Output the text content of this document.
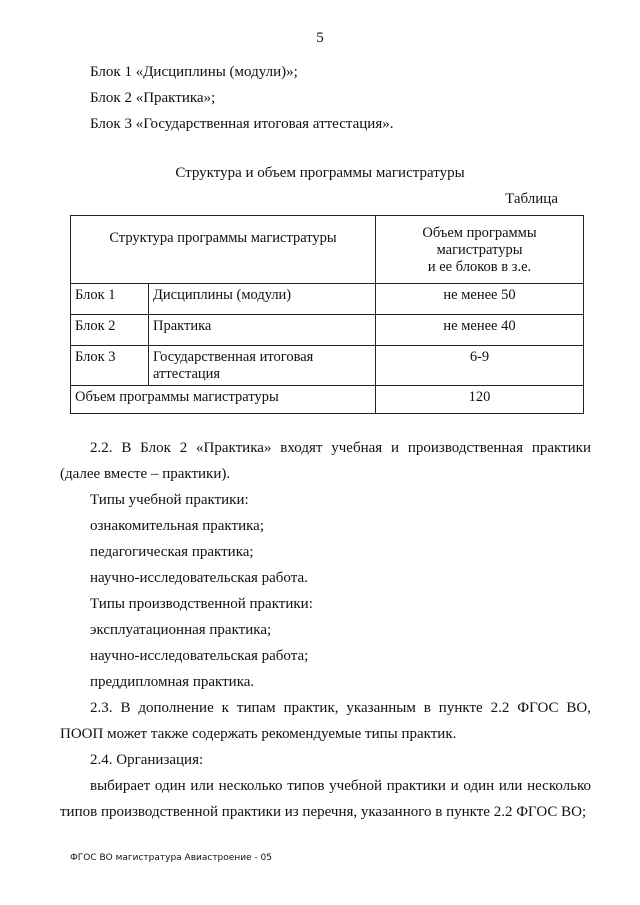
5
Блок 1 «Дисциплины (модули)»;
Блок 2 «Практика»;
Блок 3 «Государственная итоговая аттестация».
Структура и объем программы магистратуры
Таблица
Структура программы магистратуры		Объем программы
магистратуры
и ее блоков в з.е.

Блок 1	Дисциплины (модули)	не менее 50
Блок 2	Практика	не менее 40
Блок 3	Государственная итоговая аттестация	6-9
Объем программы магистратуры		120
2.2. В Блок 2 «Практика» входят учебная и производственная практики
(далее вместе – практики).
Типы учебной практики:
ознакомительная практика;
педагогическая практика;
научно-исследовательская работа.
Типы производственной практики:
эксплуатационная практика;
научно-исследовательская работа;
преддипломная практика.
2.3. В дополнение к типам практик, указанным в пункте 2.2 ФГОС ВО,
ПООП может также содержать рекомендуемые типы практик.
2.4. Организация:
выбирает один или несколько типов учебной практики и один или несколько
типов производственной практики из перечня, указанного в пункте 2.2 ФГОС ВО;
ФГОС ВО магистратура Авиастроение - 05
